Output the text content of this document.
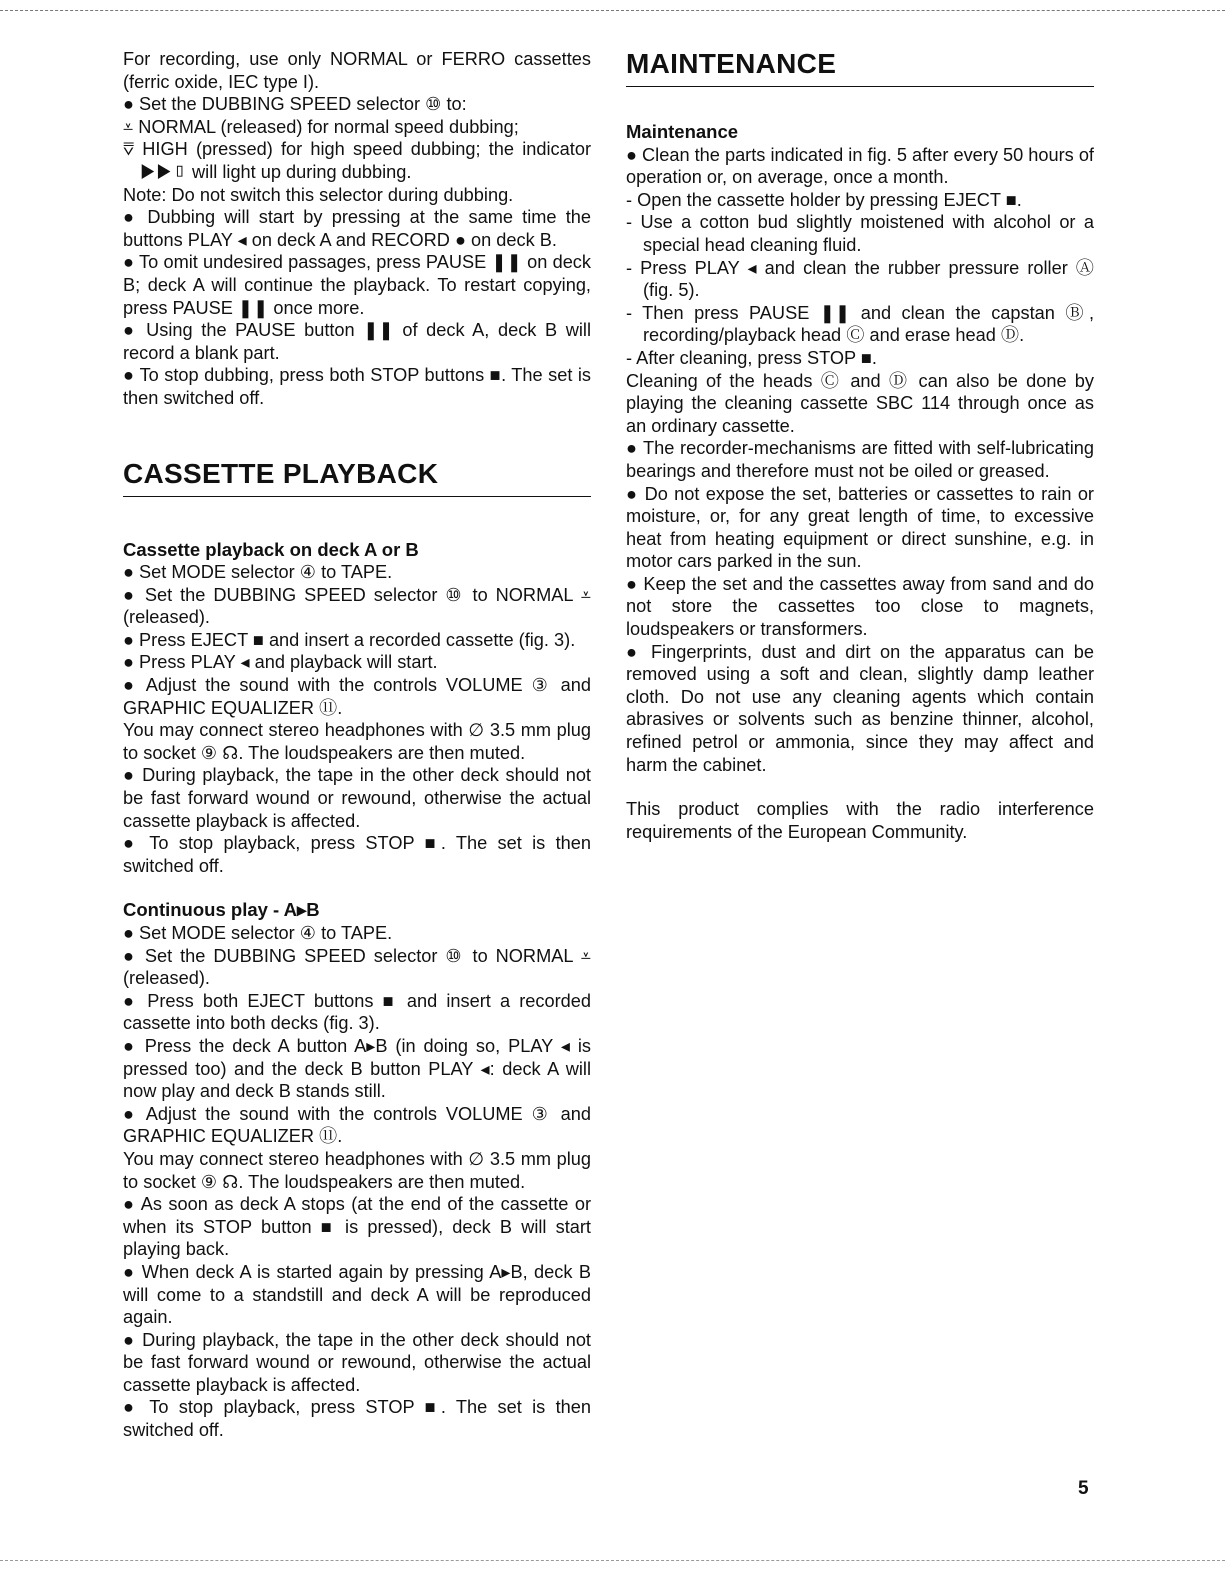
For recording, use only NORMAL or FERRO cassettes (ferric oxide, IEC type I).

● Set the DUBBING SPEED selector ⑩ to:

⩡ NORMAL (released) for normal speed dubbing;

⩢ HIGH (pressed) for high speed dubbing; the indicator ▶▶▯ will light up during dubbing.

Note: Do not switch this selector during dubbing.

● Dubbing will start by pressing at the same time the buttons PLAY ◂ on deck A and RECORD ● on deck B.

● To omit undesired passages, press PAUSE ❚❚ on deck B; deck A will continue the playback. To restart copying, press PAUSE ❚❚ once more.

● Using the PAUSE button ❚❚ of deck A, deck B will record a blank part.

● To stop dubbing, press both STOP buttons ■. The set is then switched off.

CASSETTE PLAYBACK
Cassette playback on deck A or B

● Set MODE selector ④ to TAPE.

● Set the DUBBING SPEED selector ⑩ to NORMAL ⩡ (released).

● Press EJECT ■ and insert a recorded cassette (fig. 3).

● Press PLAY ◂ and playback will start.

● Adjust the sound with the controls VOLUME ③ and GRAPHIC EQUALIZER ⑪.

You may connect stereo headphones with ∅ 3.5 mm plug to socket ⑨ ☊. The loudspeakers are then muted.

● During playback, the tape in the other deck should not be fast forward wound or rewound, otherwise the actual cassette playback is affected.

● To stop playback, press STOP ■. The set is then switched off.

Continuous play - A▸B

● Set MODE selector ④ to TAPE.

● Set the DUBBING SPEED selector ⑩ to NORMAL ⩡ (released).

● Press both EJECT buttons ■ and insert a recorded cassette into both decks (fig. 3).

● Press the deck A button A▸B (in doing so, PLAY ◂ is pressed too) and the deck B button PLAY ◂: deck A will now play and deck B stands still.

● Adjust the sound with the controls VOLUME ③ and GRAPHIC EQUALIZER ⑪.

You may connect stereo headphones with ∅ 3.5 mm plug to socket ⑨ ☊. The loudspeakers are then muted.

● As soon as deck A stops (at the end of the cassette or when its STOP button ■ is pressed), deck B will start playing back.

● When deck A is started again by pressing A▸B, deck B will come to a standstill and deck A will be reproduced again.

● During playback, the tape in the other deck should not be fast forward wound or rewound, otherwise the actual cassette playback is affected.

● To stop playback, press STOP ■. The set is then switched off.

MAINTENANCE
Maintenance

● Clean the parts indicated in fig. 5 after every 50 hours of operation or, on average, once a month.

- Open the cassette holder by pressing EJECT ■.

- Use a cotton bud slightly moistened with alcohol or a special head cleaning fluid.

- Press PLAY ◂ and clean the rubber pressure roller Ⓐ (fig. 5).

- Then press PAUSE ❚❚ and clean the capstan Ⓑ, recording/playback head Ⓒ and erase head Ⓓ.

- After cleaning, press STOP ■.

Cleaning of the heads Ⓒ and Ⓓ can also be done by playing the cleaning cassette SBC 114 through once as an ordinary cassette.

● The recorder-mechanisms are fitted with self-lubricating bearings and therefore must not be oiled or greased.

● Do not expose the set, batteries or cassettes to rain or moisture, or, for any great length of time, to excessive heat from heating equipment or direct sunshine, e.g. in motor cars parked in the sun.

● Keep the set and the cassettes away from sand and do not store the cassettes too close to magnets, loudspeakers or transformers.

● Fingerprints, dust and dirt on the apparatus can be removed using a soft and clean, slightly damp leather cloth. Do not use any cleaning agents which contain abrasives or solvents such as benzine thinner, alcohol, refined petrol or ammonia, since they may affect and harm the cabinet.

This product complies with the radio interference requirements of the European Community.

5
